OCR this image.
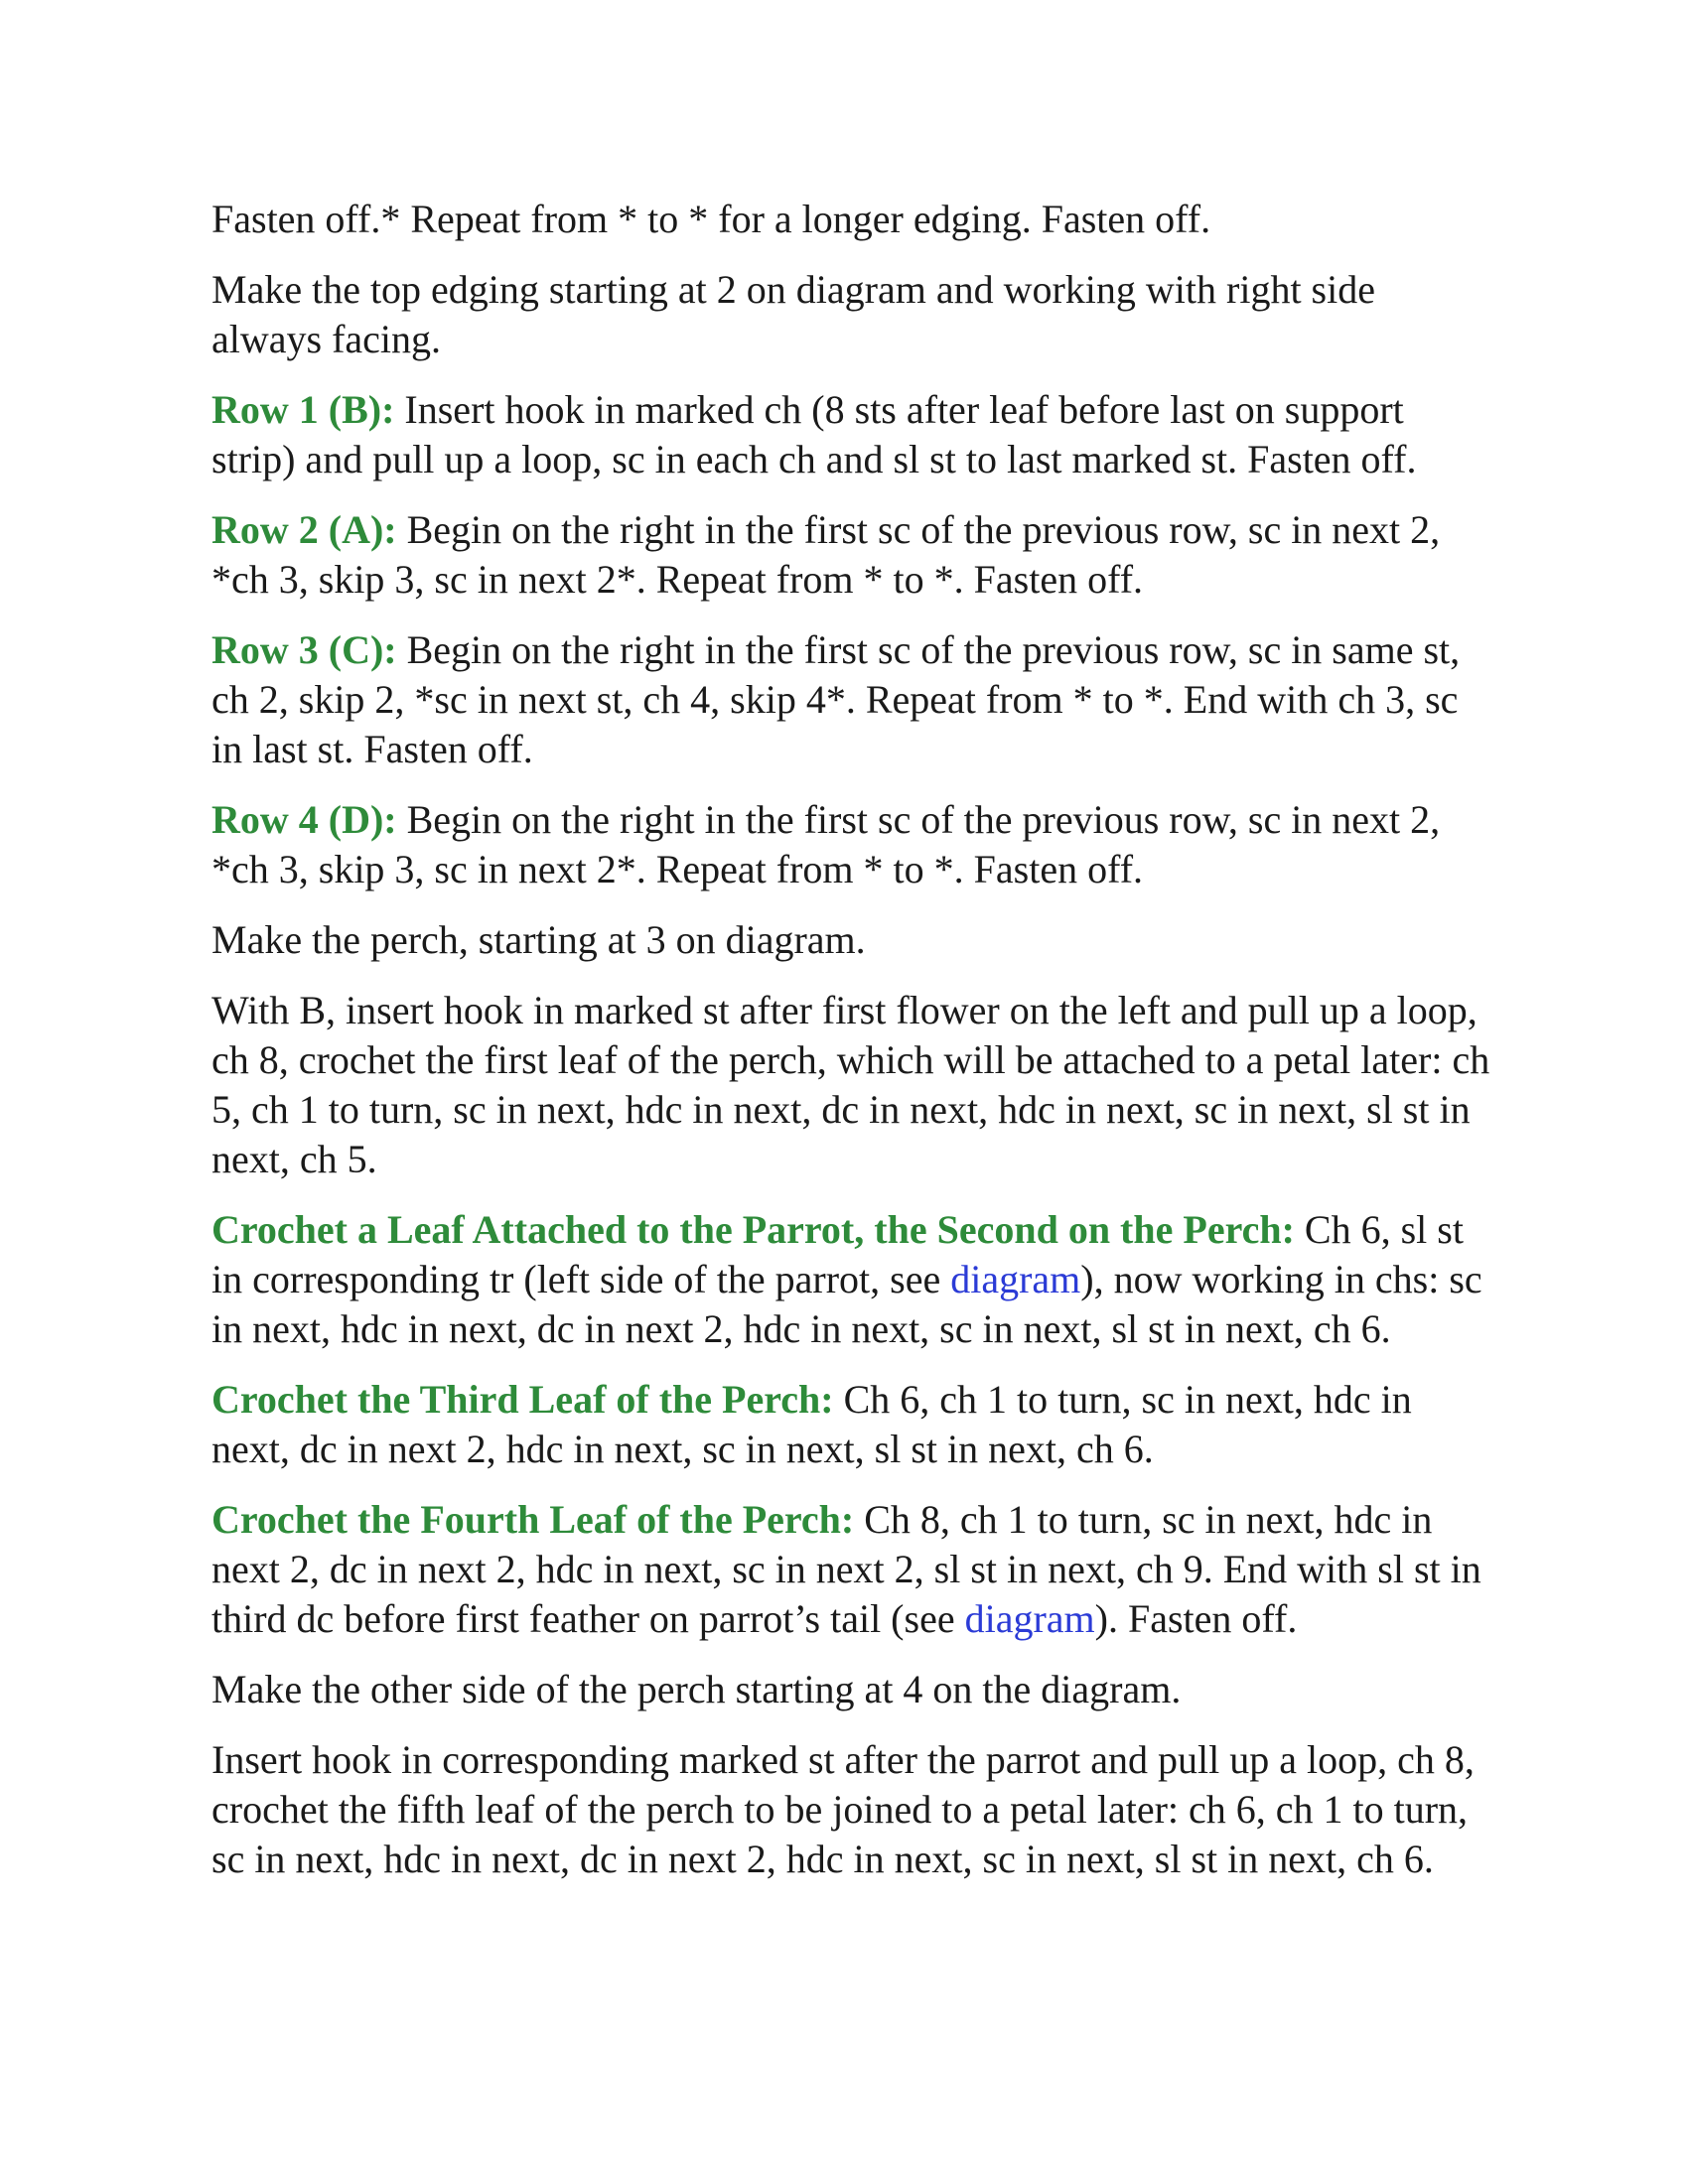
Fasten off.* Repeat from * to * for a longer edging. Fasten off.

Make the top edging starting at 2 on diagram and working with right side always facing.

Row 1 (B): Insert hook in marked ch (8 sts after leaf before last on support strip) and pull up a loop, sc in each ch and sl st to last marked st. Fasten off.

Row 2 (A): Begin on the right in the first sc of the previous row, sc in next 2, *ch 3, skip 3, sc in next 2*. Repeat from * to *. Fasten off.

Row 3 (C): Begin on the right in the first sc of the previous row, sc in same st, ch 2, skip 2, *sc in next st, ch 4, skip 4*. Repeat from * to *. End with ch 3, sc in last st. Fasten off.

Row 4 (D): Begin on the right in the first sc of the previous row, sc in next 2, *ch 3, skip 3, sc in next 2*. Repeat from * to *. Fasten off.

Make the perch, starting at 3 on diagram.

With B, insert hook in marked st after first flower on the left and pull up a loop, ch 8, crochet the first leaf of the perch, which will be attached to a petal later: ch 5, ch 1 to turn, sc in next, hdc in next, dc in next, hdc in next, sc in next, sl st in next, ch 5.

Crochet a Leaf Attached to the Parrot, the Second on the Perch: Ch 6, sl st in corresponding tr (left side of the parrot, see diagram), now working in chs: sc in next, hdc in next, dc in next 2, hdc in next, sc in next, sl st in next, ch 6.

Crochet the Third Leaf of the Perch: Ch 6, ch 1 to turn, sc in next, hdc in next, dc in next 2, hdc in next, sc in next, sl st in next, ch 6.

Crochet the Fourth Leaf of the Perch: Ch 8, ch 1 to turn, sc in next, hdc in next 2, dc in next 2, hdc in next, sc in next 2, sl st in next, ch 9. End with sl st in third dc before first feather on parrot’s tail (see diagram). Fasten off.

Make the other side of the perch starting at 4 on the diagram.

Insert hook in corresponding marked st after the parrot and pull up a loop, ch 8, crochet the fifth leaf of the perch to be joined to a petal later: ch 6, ch 1 to turn, sc in next, hdc in next, dc in next 2, hdc in next, sc in next, sl st in next, ch 6.
